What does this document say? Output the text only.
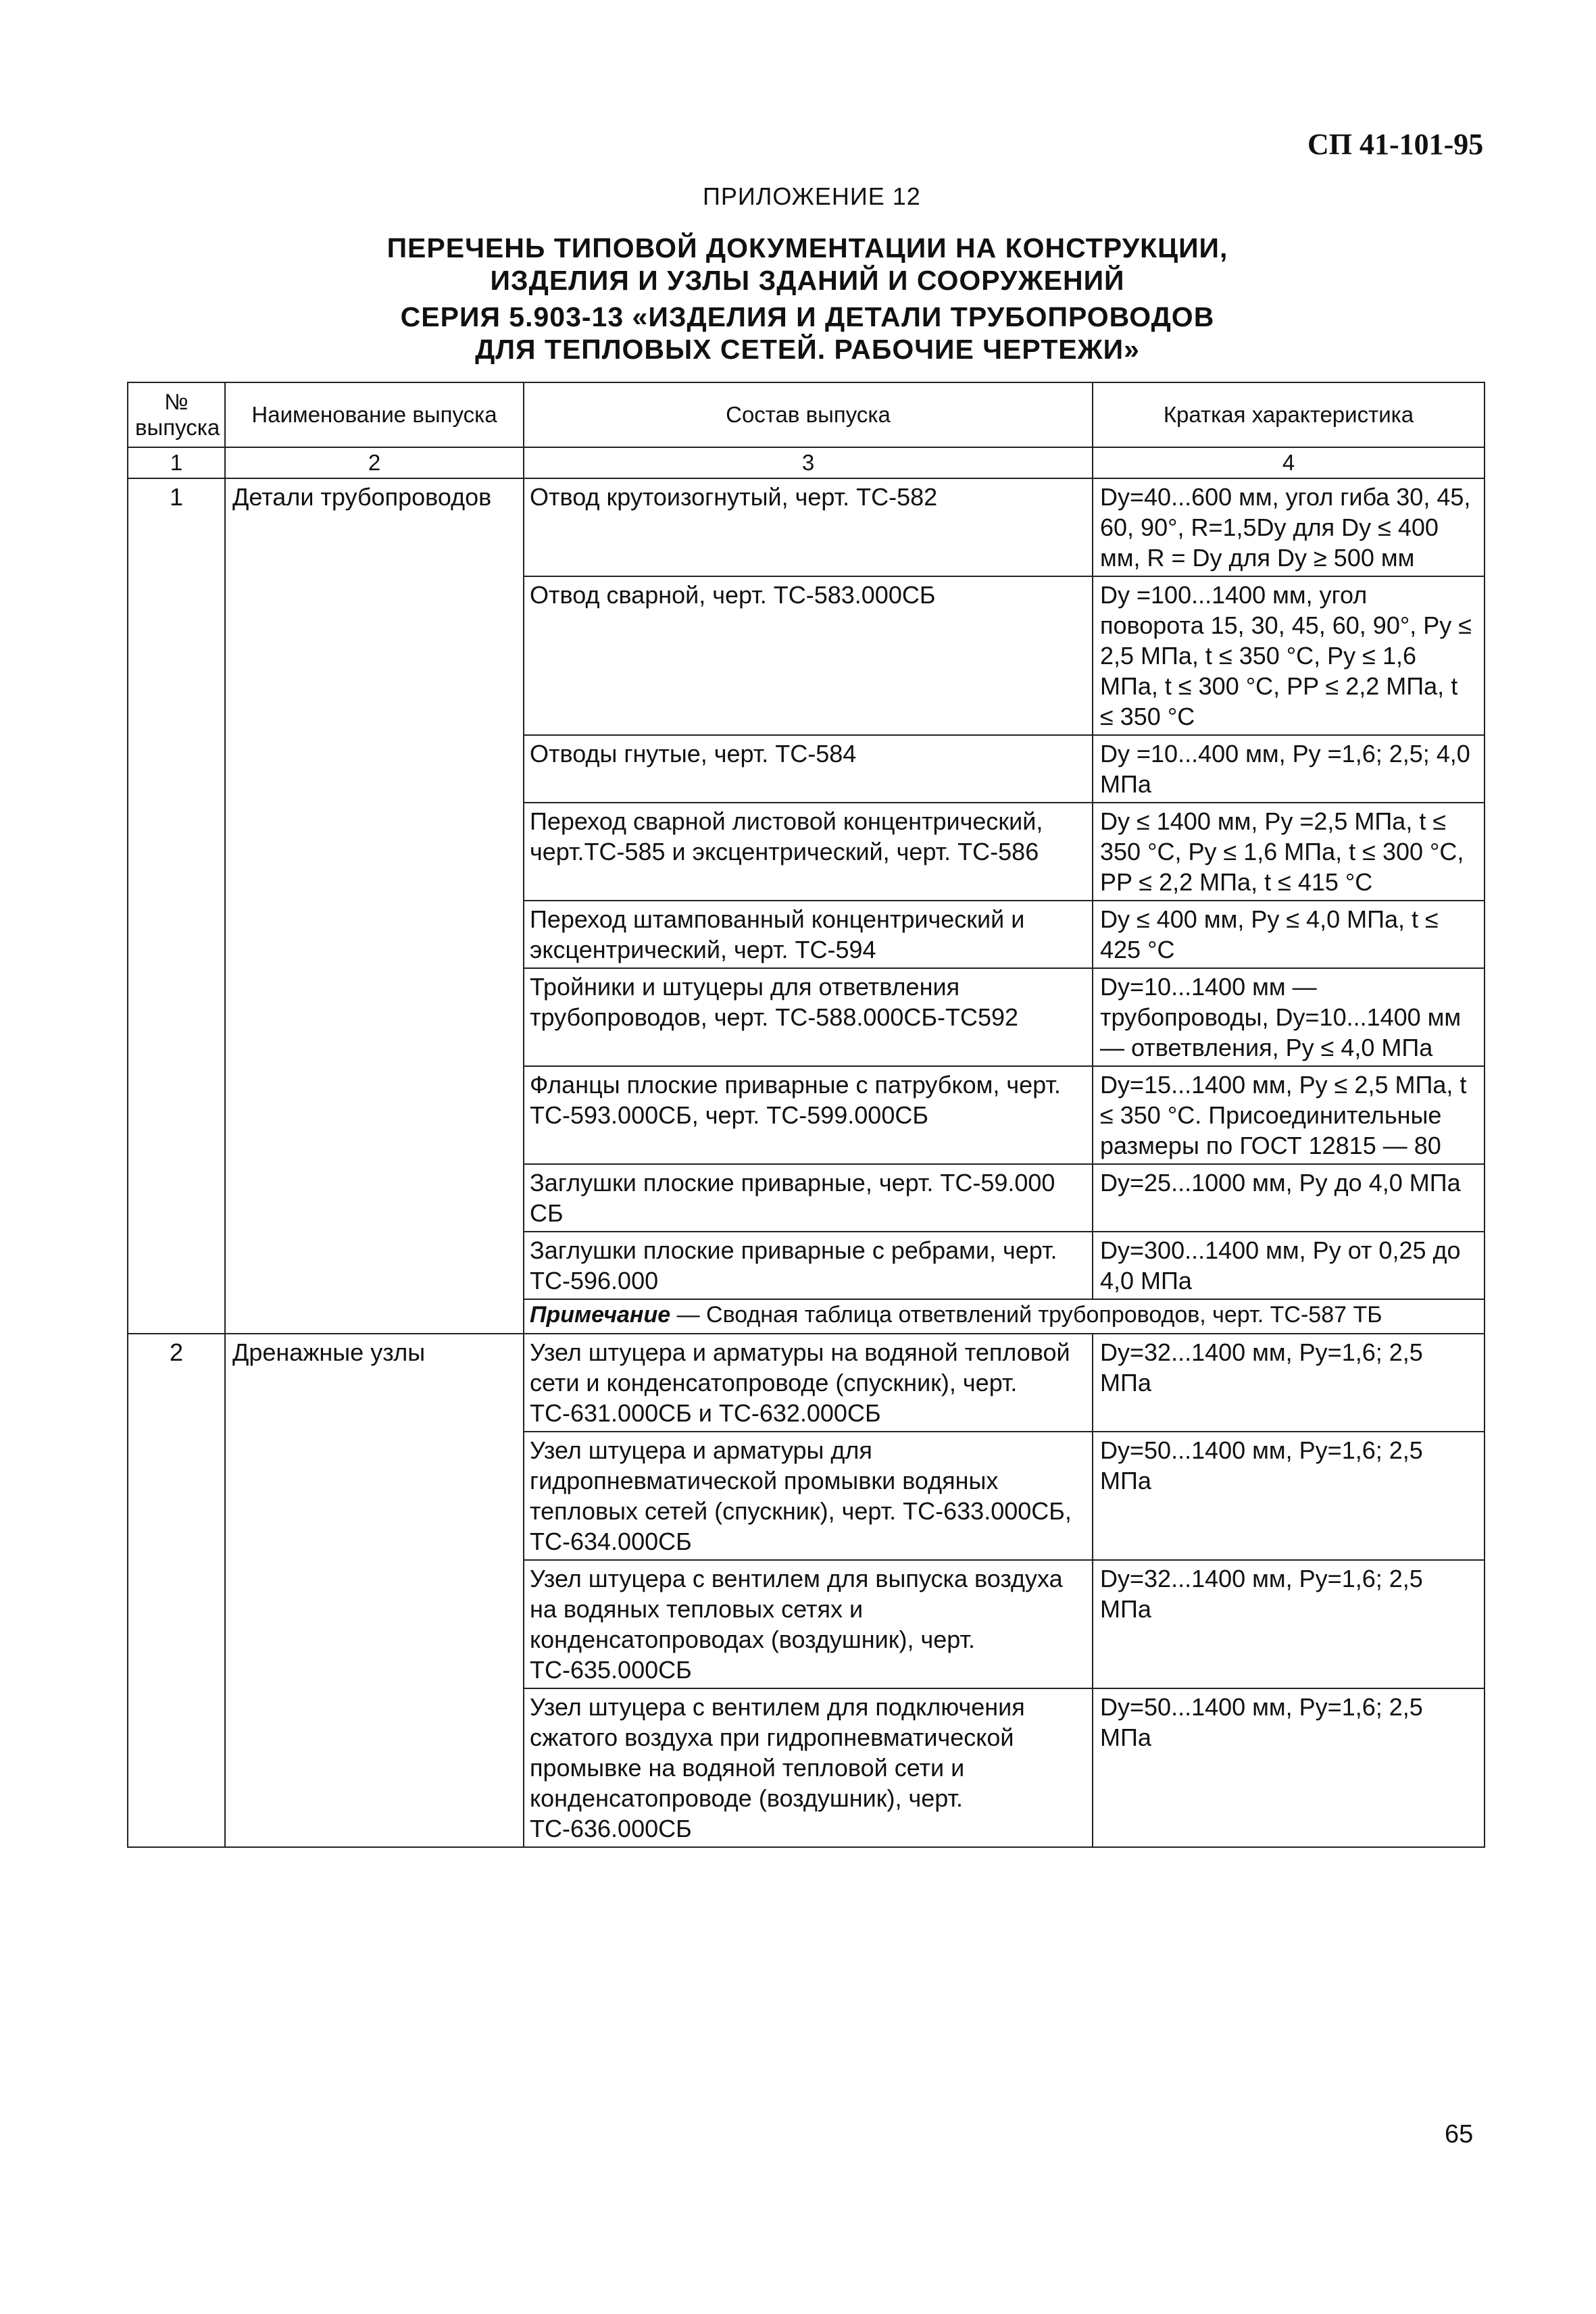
СП 41-101-95
ПРИЛОЖЕНИЕ 12
ПЕРЕЧЕНЬ ТИПОВОЙ ДОКУМЕНТАЦИИ НА КОНСТРУКЦИИ,
ИЗДЕЛИЯ И УЗЛЫ ЗДАНИЙ И СООРУЖЕНИЙ
СЕРИЯ 5.903-13 «ИЗДЕЛИЯ И ДЕТАЛИ ТРУБОПРОВОДОВ
ДЛЯ ТЕПЛОВЫХ СЕТЕЙ. РАБОЧИЕ ЧЕРТЕЖИ»
№ выпуска	Наименование выпуска	Состав выпуска	Краткая характеристика
1	2	3	4
1	Детали трубопроводов	Отвод крутоизогнутый, черт. ТС-582	Dу=40...600 мм, угол гиба 30, 45, 60, 90°, R=1,5Dу для Dу ≤ 400 мм, R = Dу для Dу ≥ 500 мм
		Отвод сварной, черт. ТС-583.000СБ	Dу =100...1400 мм, угол поворота 15, 30, 45, 60, 90°, Pу ≤ 2,5 МПа, t ≤ 350 °C, Pу ≤ 1,6 МПа, t ≤ 300 °C, PP ≤ 2,2 МПа, t ≤ 350 °C
		Отводы гнутые, черт. ТС-584	Dу =10...400 мм, Pу =1,6; 2,5; 4,0 МПа
		Переход сварной листовой концентрический, черт.ТС-585 и эксцентрический, черт. ТС-586	Dу ≤ 1400 мм, Pу =2,5 МПа, t ≤ 350 °C, Pу ≤ 1,6 МПа, t ≤ 300 °C, PP ≤ 2,2 МПа, t ≤ 415 °C
		Переход штампованный концентрический и эксцентрический, черт. ТС-594	Dу ≤ 400 мм, Pу ≤ 4,0 МПа, t ≤ 425 °C
		Тройники и штуцеры для ответвления трубопроводов, черт. ТС-588.000СБ-ТС592	Dу=10...1400 мм — трубопроводы, Dу=10...1400 мм — ответвления, Pу ≤ 4,0 МПа
		Фланцы плоские приварные с патрубком, черт. ТС-593.000СБ, черт. ТС-599.000СБ	Dу=15...1400 мм, Pу ≤ 2,5 МПа, t ≤ 350 °C. Присоединительные размеры по ГОСТ 12815 — 80
		Заглушки плоские приварные, черт. ТС-59.000 СБ	Dу=25...1000 мм, Pу до 4,0 МПа
		Заглушки плоские приварные с ребрами, черт. ТС-596.000	Dу=300...1400 мм, Pу от 0,25 до 4,0 МПа
		Примечание — Сводная таблица ответвлений трубопроводов, черт. ТС-587 ТБ	
2	Дренажные узлы	Узел штуцера и арматуры на водяной тепловой сети и конденсатопроводе (спускник), черт. ТС-631.000СБ и ТС-632.000СБ	Dу=32...1400 мм, Pу=1,6; 2,5 МПа
		Узел штуцера и арматуры для гидропневматической промывки водяных тепловых сетей (спускник), черт. ТС-633.000СБ, ТС-634.000СБ	Dу=50...1400 мм, Pу=1,6; 2,5 МПа
		Узел штуцера с вентилем для выпуска воздуха на водяных тепловых сетях и конденсатопроводах (воздушник), черт. ТС-635.000СБ	Dу=32...1400 мм, Pу=1,6; 2,5 МПа
		Узел штуцера с вентилем для подключения сжатого воздуха при гидропневматической промывке на водяной тепловой сети и конденсатопроводе (воздушник), черт. ТС-636.000СБ	Dу=50...1400 мм, Pу=1,6; 2,5 МПа
65
